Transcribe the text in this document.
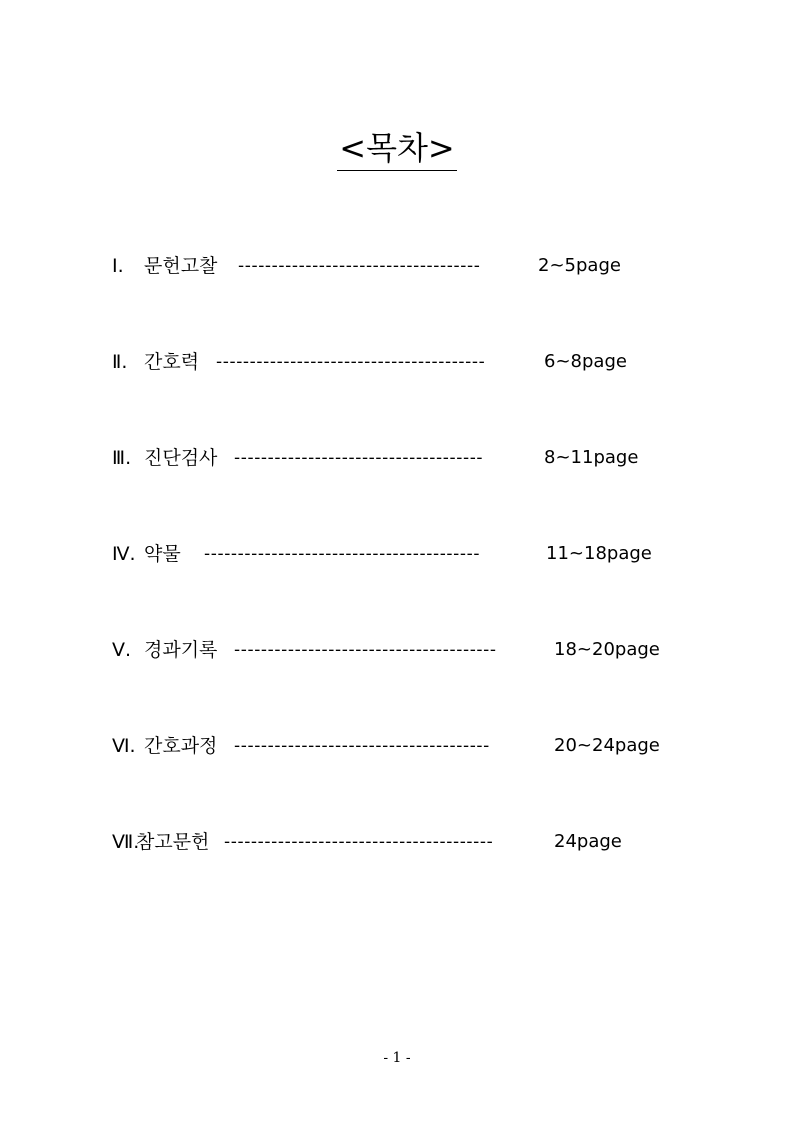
<목차>
Ⅰ. 문헌고찰 ------------------------------------	2~5page
Ⅱ. 간호력 ----------------------------------------	6~8page
Ⅲ. 진단검사 -------------------------------------	8~11page
Ⅳ. 약물 -----------------------------------------	11~18page
Ⅴ. 경과기록 ---------------------------------------	18~20page
Ⅵ. 간호과정 --------------------------------------	20~24page
Ⅶ.참고문헌 ----------------------------------------	24page
- 1 -
